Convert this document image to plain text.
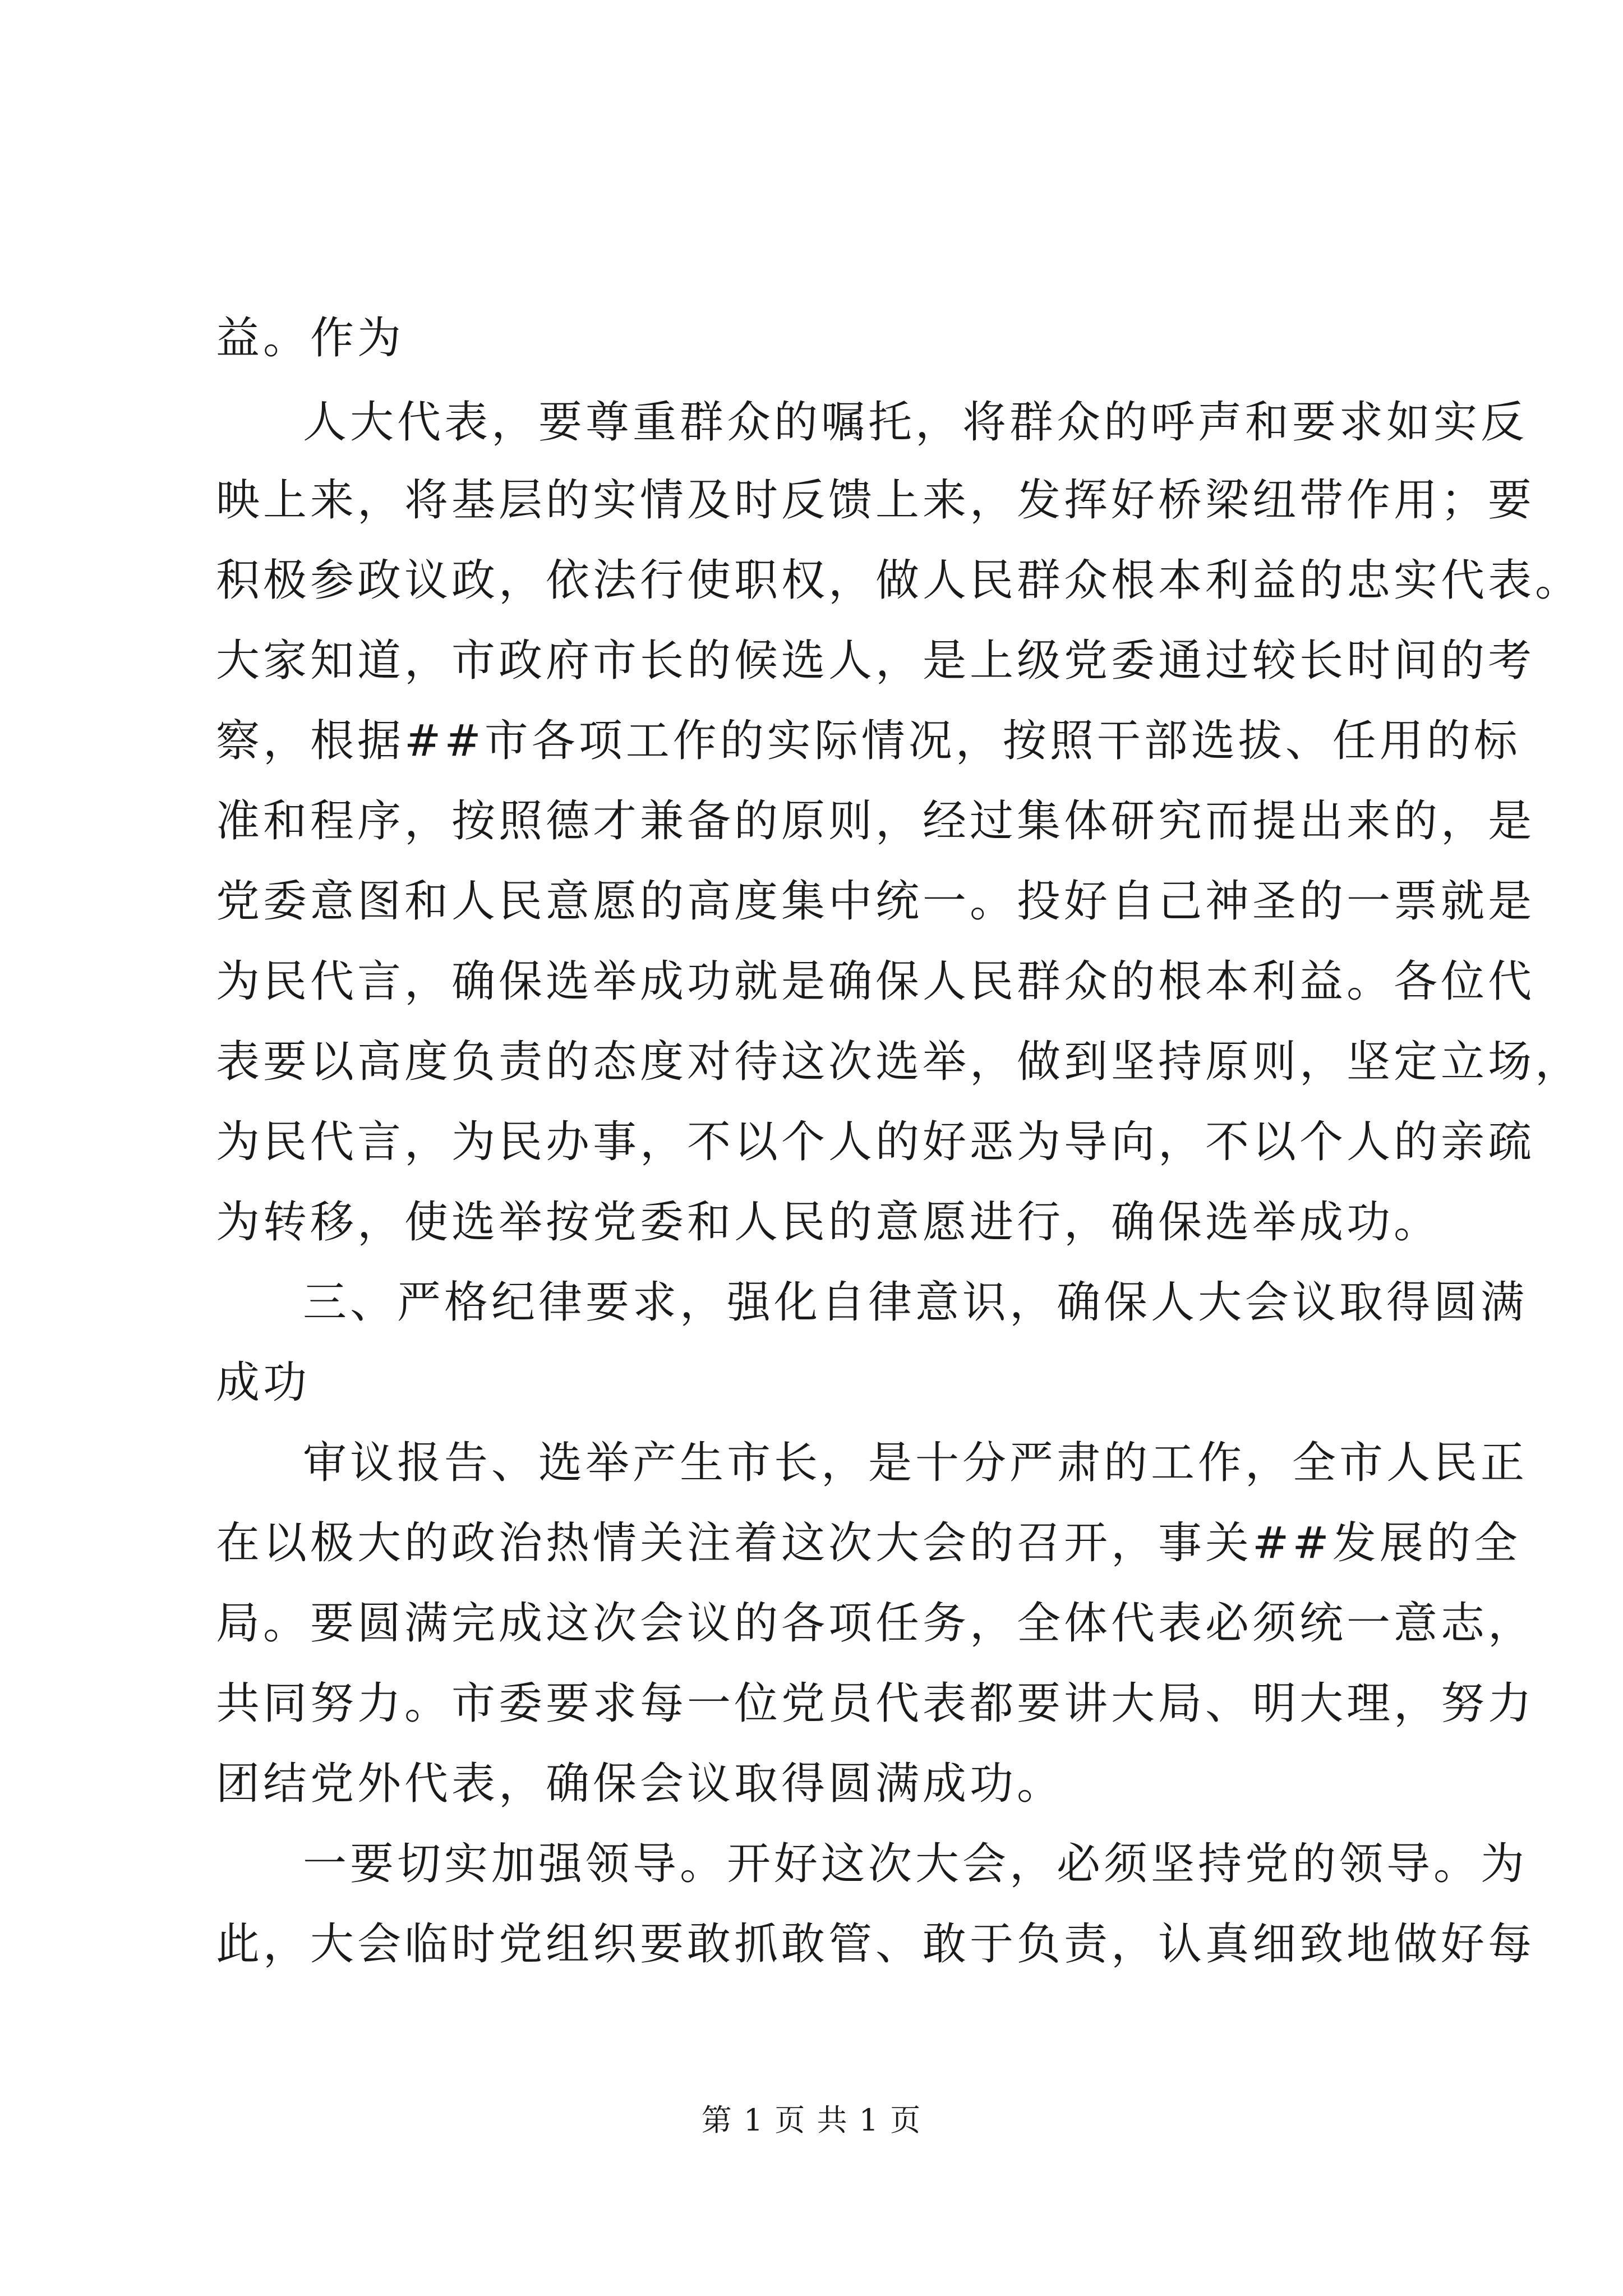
益。作为
人大代表，要尊重群众的嘱托，将群众的呼声和要求如实反
映上来，将基层的实情及时反馈上来，发挥好桥梁纽带作用；要
积极参政议政，依法行使职权，做人民群众根本利益的忠实代表。
大家知道，市政府市长的候选人，是上级党委通过较长时间的考
察，根据##市各项工作的实际情况，按照干部选拔、任用的标
准和程序，按照德才兼备的原则，经过集体研究而提出来的，是
党委意图和人民意愿的高度集中统一。投好自己神圣的一票就是
为民代言，确保选举成功就是确保人民群众的根本利益。各位代
表要以高度负责的态度对待这次选举，做到坚持原则，坚定立场，
为民代言，为民办事，不以个人的好恶为导向，不以个人的亲疏
为转移，使选举按党委和人民的意愿进行，确保选举成功。
三、严格纪律要求，强化自律意识，确保人大会议取得圆满
成功
审议报告、选举产生市长，是十分严肃的工作，全市人民正
在以极大的政治热情关注着这次大会的召开，事关##发展的全
局。要圆满完成这次会议的各项任务，全体代表必须统一意志，
共同努力。市委要求每一位党员代表都要讲大局、明大理，努力
团结党外代表，确保会议取得圆满成功。
一要切实加强领导。开好这次大会，必须坚持党的领导。为
此，大会临时党组织要敢抓敢管、敢于负责，认真细致地做好每
第 1 页 共 1 页
